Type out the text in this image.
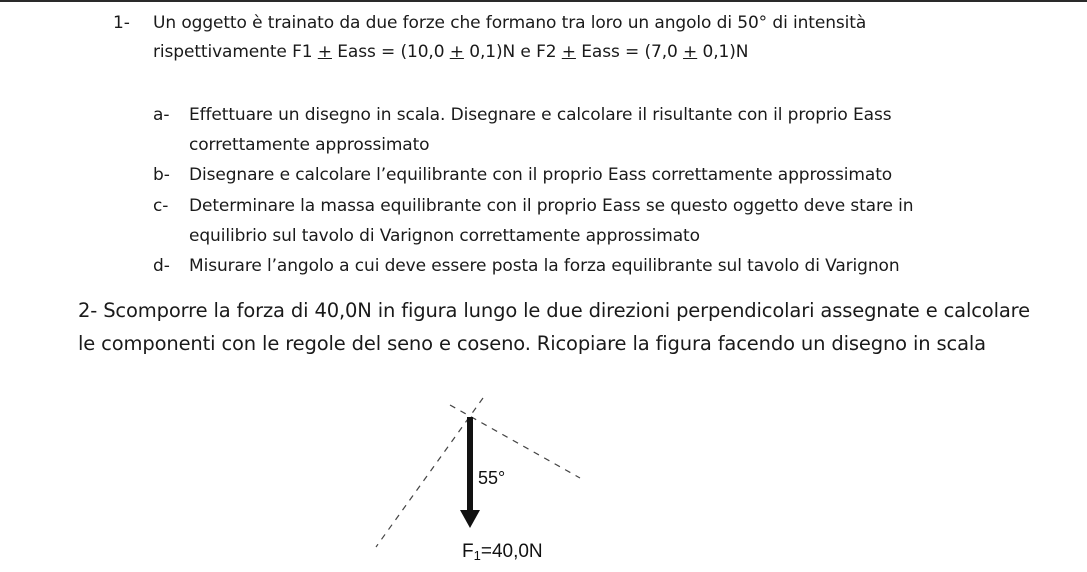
1- Un oggetto è trainato da due forze che formano tra loro un angolo di 50° di intensità
rispettivamente F1 + Eass = (10,0 + 0,1)N e F2 + Eass = (7,0 + 0,1)N
a- Effettuare un disegno in scala. Disegnare e calcolare il risultante con il proprio Eass
correttamente approssimato
b- Disegnare e calcolare l’equilibrante con il proprio Eass correttamente approssimato
c- Determinare la massa equilibrante con il proprio Eass se questo oggetto deve stare in
equilibrio sul tavolo di Varignon correttamente approssimato
d- Misurare l’angolo a cui deve essere posta la forza equilibrante sul tavolo di Varignon
2- Scomporre la forza di 40,0N in figura lungo le due direzioni perpendicolari assegnate e calcolare
le componenti con le regole del seno e coseno. Ricopiare la figura facendo un disegno in scala
55°
F1=40,0N
